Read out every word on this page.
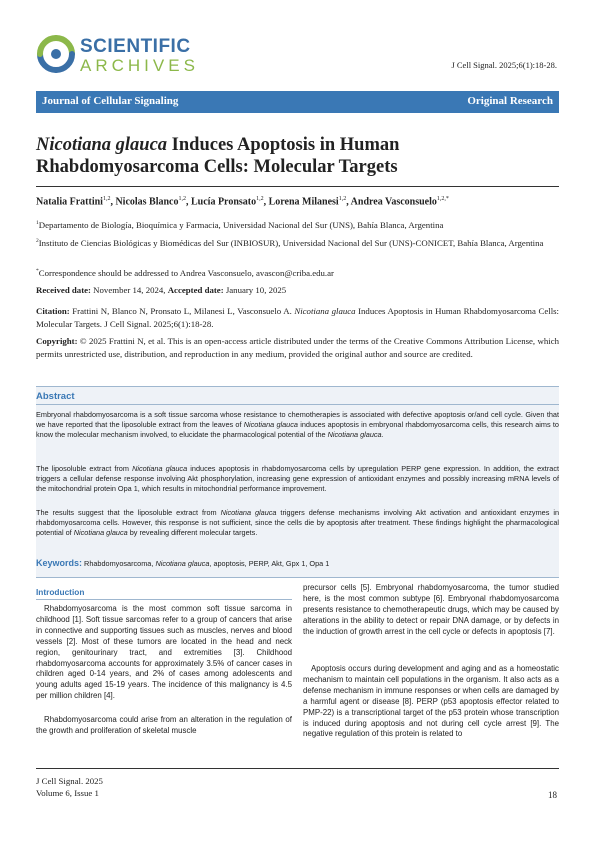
SCIENTIFIC
ARCHIVES	J Cell Signal. 2025;6(1):18-28.
Journal of Cellular Signaling	Original Research
Nicotiana glauca Induces Apoptosis in Human Rhabdomyosarcoma Cells: Molecular Targets
Natalia Frattini$^{1,2}$, Nicolas Blanco$^{1,2}$, Lucía Pronsato$^{1,2}$, Lorena Milanesi$^{1,2}$, Andrea Vasconsuelo$^{1,2,*}$
$^1$Departamento de Biología, Bioquímica y Farmacia, Universidad Nacional del Sur (UNS), Bahía Blanca, Argentina
$^2$Instituto de Ciencias Biológicas y Biomédicas del Sur (INBIOSUR), Universidad Nacional del Sur (UNS)-CONICET, Bahía Blanca, Argentina
*Correspondence should be addressed to Andrea Vasconsuelo, avascon@criba.edu.ar
Received date: November 14, 2024, Accepted date: January 10, 2025
Citation: Frattini N, Blanco N, Pronsato L, Milanesi L, Vasconsuelo A. Nicotiana glauca Induces Apoptosis in Human Rhabdomyosarcoma Cells: Molecular Targets. J Cell Signal. 2025;6(1):18-28.
Copyright: © 2025 Frattini N, et al. This is an open-access article distributed under the terms of the Creative Commons Attribution License, which permits unrestricted use, distribution, and reproduction in any medium, provided the original author and source are credited.
Abstract

Embryonal rhabdomyosarcoma is a soft tissue sarcoma whose resistance to chemotherapies is associated with defective apoptosis or/and cell cycle. Given that we have reported that the liposoluble extract from the leaves of Nicotiana glauca induces apoptosis in embryonal rhabdomyosarcoma cells, this research aims to know the molecular mechanism involved, to elucidate the pharmacological potential of the Nicotiana glauca.

The liposoluble extract from Nicotiana glauca induces apoptosis in rhabdomyosarcoma cells by upregulation PERP gene expression. In addition, the extract triggers a cellular defense response involving Akt phosphorylation, increasing gene expression of antioxidant enzymes and possibly increasing mRNA levels of the mitochondrial protein Opa 1, which results in mitochondrial performance improvement.

The results suggest that the liposoluble extract from Nicotiana glauca triggers defense mechanisms involving Akt activation and antioxidant enzymes in rhabdomyosarcoma cells. However, this response is not sufficient, since the cells die by apoptosis after treatment. These findings highlight the pharmacological potential of Nicotiana glauca by revealing different molecular targets.

Keywords: Rhabdomyosarcoma, Nicotiana glauca, apoptosis, PERP, Akt, Gpx 1, Opa 1
Introduction

Rhabdomyosarcoma is the most common soft tissue sarcoma in childhood [1]. Soft tissue sarcomas refer to a group of cancers that arise in connective and supporting tissues such as muscles, nerves and blood vessels [2]. Most of these tumors are located in the head and neck region, genitourinary tract, and extremities [3]. Childhood rhabdomyosarcoma accounts for approximately 3.5% of cancer cases in children aged 0-14 years, and 2% of cases among adolescents and young adults aged 15-19 years. The incidence of this malignancy is 4.5 per million children [4].

Rhabdomyosarcoma could arise from an alteration in the regulation of the growth and proliferation of skeletal muscle

precursor cells [5]. Embryonal rhabdomyosarcoma, the tumor studied here, is the most common subtype [6]. Embryonal rhabdomyosarcoma presents resistance to chemotherapeutic drugs, which may be caused by alterations in the ability to detect or repair DNA damage, or by defects in the induction of growth arrest in the cell cycle or defects in apoptosis [7].

Apoptosis occurs during development and aging and as a homeostatic mechanism to maintain cell populations in the organism. It also acts as a defense mechanism in immune responses or when cells are damaged by a harmful agent or disease [8]. PERP (p53 apoptosis effector related to PMP-22) is a transcriptional target of the p53 protein whose transcription is induced during apoptosis and not during cell cycle arrest [9]. The negative regulation of this protein is related to

J Cell Signal. 2025
Volume 6, Issue 1	18
